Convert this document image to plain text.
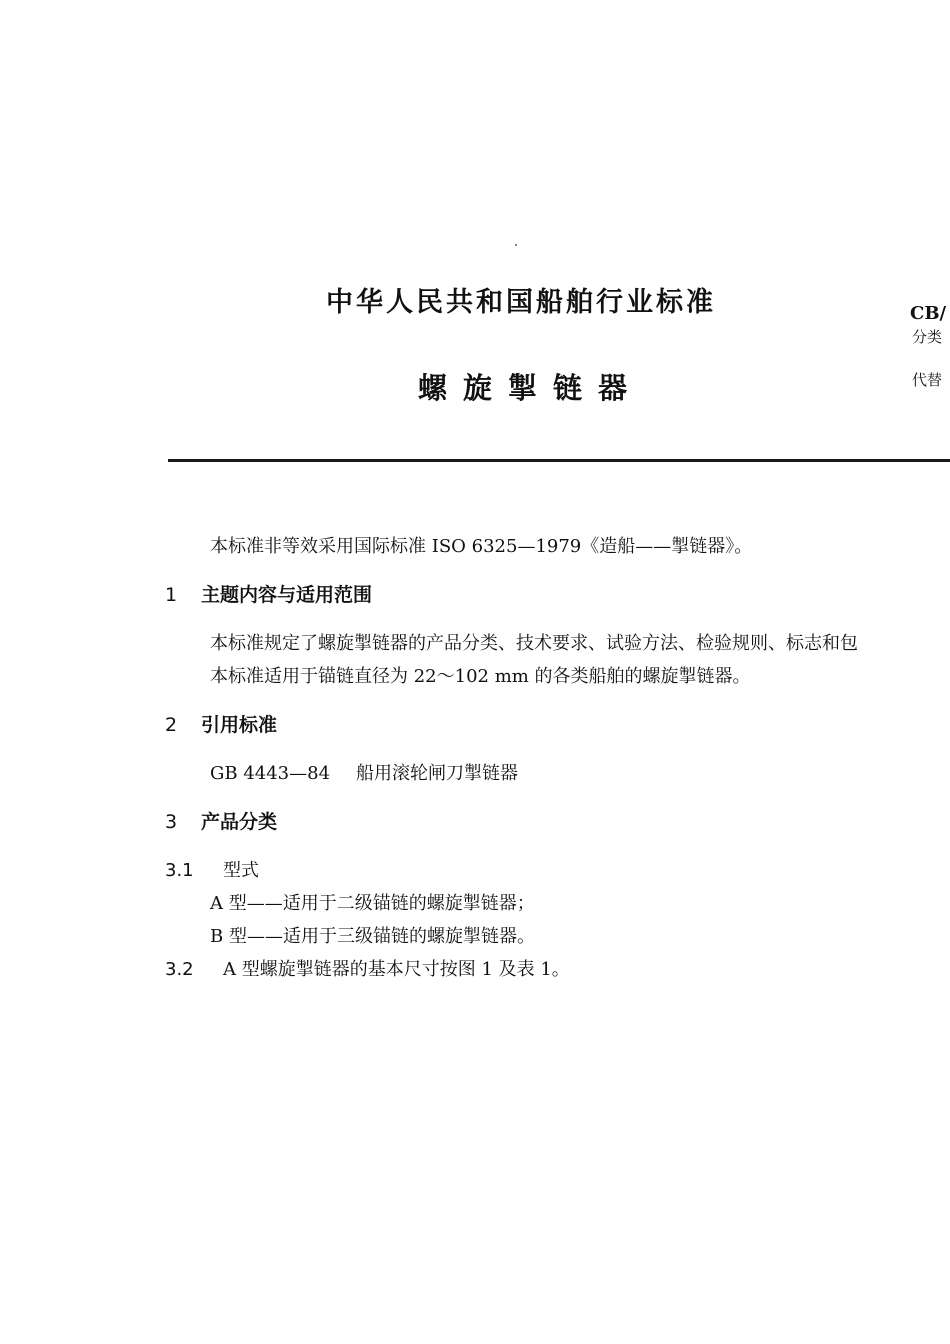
中华人民共和国船舶行业标准
螺旋掣链器
CB/
分类
代替
本标准非等效采用国际标准 ISO 6325—1979《造船——掣链器》。
1 主题内容与适用范围
本标准规定了螺旋掣链器的产品分类、技术要求、试验方法、检验规则、标志和包
本标准适用于锚链直径为 22～102 mm 的各类船舶的螺旋掣链器。
2 引用标准
GB 4443—84 船用滚轮闸刀掣链器
3 产品分类
3.1 型式
A 型——适用于二级锚链的螺旋掣链器；
B 型——适用于三级锚链的螺旋掣链器。
3.2 A 型螺旋掣链器的基本尺寸按图 1 及表 1。
